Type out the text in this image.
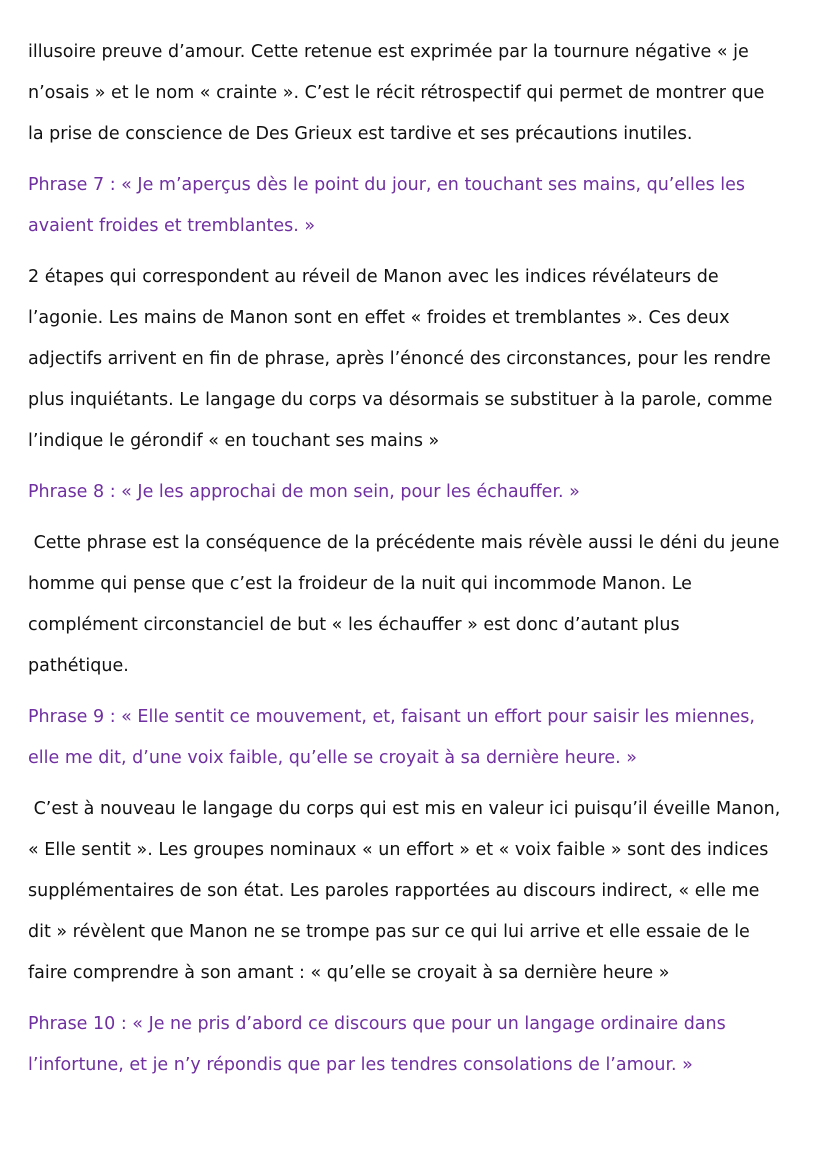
illusoire preuve d’amour. Cette retenue est exprimée par la tournure négative « je
n’osais » et le nom « crainte ». C’est le récit rétrospectif qui permet de montrer que
la prise de conscience de Des Grieux est tardive et ses précautions inutiles.

Phrase 7 : « Je m’aperçus dès le point du jour, en touchant ses mains, qu’elles les
avaient froides et tremblantes. »

2 étapes qui correspondent au réveil de Manon avec les indices révélateurs de
l’agonie. Les mains de Manon sont en effet « froides et tremblantes ». Ces deux
adjectifs arrivent en fin de phrase, après l’énoncé des circonstances, pour les rendre
plus inquiétants. Le langage du corps va désormais se substituer à la parole, comme
l’indique le gérondif « en touchant ses mains »

Phrase 8 : « Je les approchai de mon sein, pour les échauffer. »

Cette phrase est la conséquence de la précédente mais révèle aussi le déni du jeune
homme qui pense que c’est la froideur de la nuit qui incommode Manon. Le
complément circonstanciel de but « les échauffer » est donc d’autant plus
pathétique.

Phrase 9 : « Elle sentit ce mouvement, et, faisant un effort pour saisir les miennes,
elle me dit, d’une voix faible, qu’elle se croyait à sa dernière heure. »

C’est à nouveau le langage du corps qui est mis en valeur ici puisqu’il éveille Manon,
« Elle sentit ». Les groupes nominaux « un effort » et « voix faible » sont des indices
supplémentaires de son état. Les paroles rapportées au discours indirect, « elle me
dit » révèlent que Manon ne se trompe pas sur ce qui lui arrive et elle essaie de le
faire comprendre à son amant : « qu’elle se croyait à sa dernière heure »

Phrase 10 : « Je ne pris d’abord ce discours que pour un langage ordinaire dans
l’infortune, et je n’y répondis que par les tendres consolations de l’amour. »
